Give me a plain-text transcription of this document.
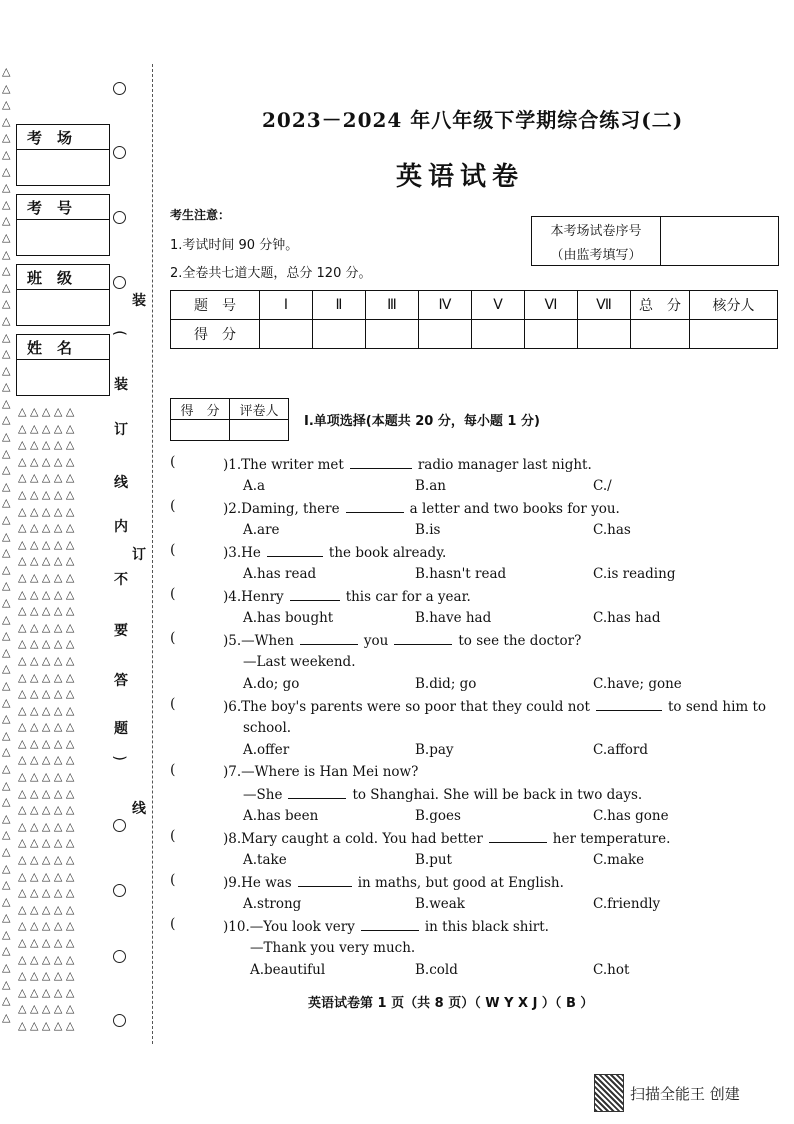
△
△
△
△
△
△
△
△
△
△
△
△
△
△
△
△
△
△
△
△
△
△
△
△
△
△
△
△
△
△
△
△
△
△
△
△
△
△
△
△
△
△
△
△
△
△
△
△
△
△
△
△
△
△
△
△
△
△
△ △ △ △ △
△ △ △ △ △
△ △ △ △ △
△ △ △ △ △
△ △ △ △ △
△ △ △ △ △
△ △ △ △ △
△ △ △ △ △
△ △ △ △ △
△ △ △ △ △
△ △ △ △ △
△ △ △ △ △
△ △ △ △ △
△ △ △ △ △
△ △ △ △ △
△ △ △ △ △
△ △ △ △ △
△ △ △ △ △
△ △ △ △ △
△ △ △ △ △
△ △ △ △ △
△ △ △ △ △
△ △ △ △ △
△ △ △ △ △
△ △ △ △ △
△ △ △ △ △
△ △ △ △ △
△ △ △ △ △
△ △ △ △ △
△ △ △ △ △
△ △ △ △ △
△ △ △ △ △
△ △ △ △ △
△ △ △ △ △
△ △ △ △ △
△ △ △ △ △
△ △ △ △ △
△ △ △ △ △
考　场
考　号
班　级
姓　名
(
)
装
订
线
内
不
要
答
题
装
订
线
2023－2024 年八年级下学期综合练习(二)
英语试卷
考生注意：
1.考试时间 90 分钟。
2.全卷共七道大题，总分 120 分。
本考场试卷序号
（由监考填写）
题　号	Ⅰ	Ⅱ	Ⅲ	Ⅳ	Ⅴ	Ⅵ	Ⅶ	总　分	核分人
得　分									
得　分	评卷人

Ⅰ.单项选择(本题共 20 分，每小题 1 分)
(	)1.The writer met	radio manager last night.
A.a	B.an	C./
(	)2.Daming, there	a letter and two books for you.
A.are	B.is	C.has
(	)3.He	the book already.
A.has read	B.hasn't read	C.is reading
(	)4.Henry	this car for a year.
A.has bought	B.have had	C.has had
(	)5.—When	you	to see the doctor?
—Last weekend.
A.do; go	B.did; go	C.have; gone
(	)6.The boy's parents were so poor that they could not	to send him to
school.
A.offer	B.pay	C.afford
(	)7.—Where is Han Mei now?
—She	to Shanghai. She will be back in two days.
A.has been	B.goes	C.has gone
(	)8.Mary caught a cold. You had better	her temperature.
A.take	B.put	C.make
(	)9.He was	in maths, but good at English.
A.strong	B.weak	C.friendly
(	)10.—You look very	in this black shirt.
—Thank you very much.
A.beautiful	B.cold	C.hot
英语试卷第 1 页（共 8 页）（ W Y X J ）（ B ）
扫描全能王 创建
